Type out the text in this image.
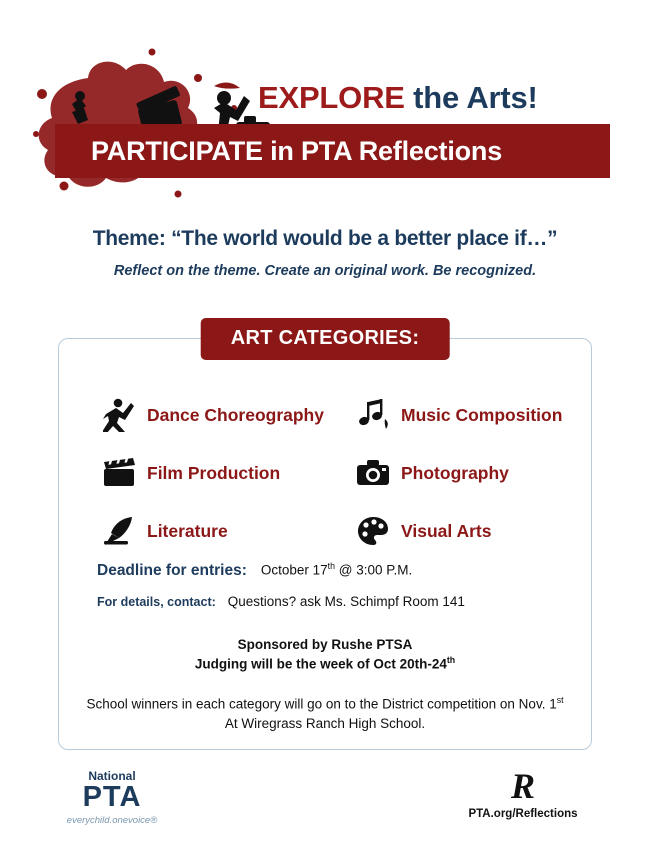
EXPLORE the Arts!
PARTICIPATE in PTA Reflections
Theme: “The world would be a better place if…”
Reflect on the theme. Create an original work. Be recognized.
ART CATEGORIES:
Dance Choreography	Music Composition
Film Production	Photography
Literature	Visual Arts
Deadline for entries: October 17th @ 3:00 P.M.
For details, contact: Questions? ask Ms. Schimpf Room 141
Sponsored by Rushe PTSA
Judging will be the week of Oct 20th-24th
School winners in each category will go on to the District competition on Nov. 1st At Wiregrass Ranch High School.
National
PTA
everychild.onevoice®
R
PTA.org/Reflections
